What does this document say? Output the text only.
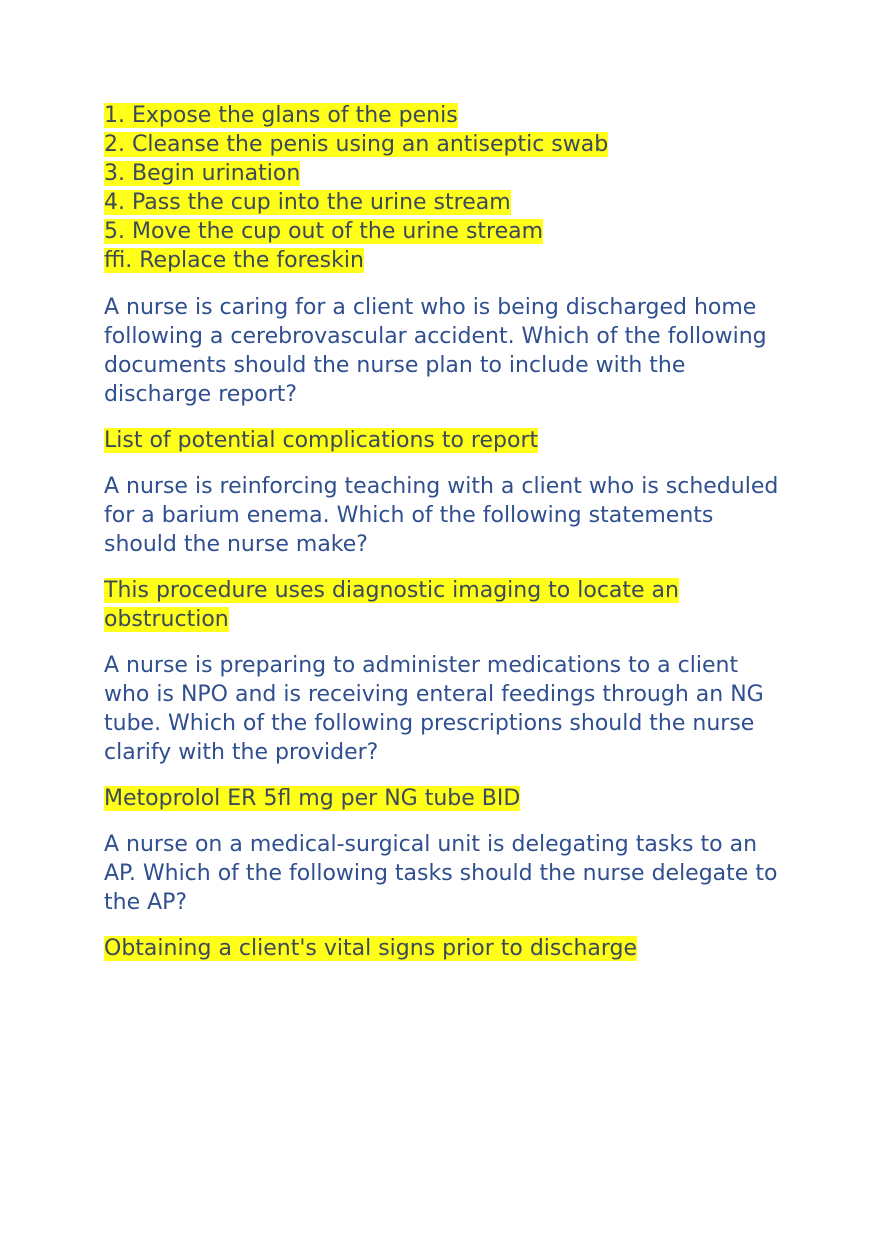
1. Expose the glans of the penis
2. Cleanse the penis using an antiseptic swab
3. Begin urination
4. Pass the cup into the urine stream
5. Move the cup out of the urine stream
ﬃ. Replace the foreskin
A nurse is caring for a client who is being discharged home following a cerebrovascular accident. Which of the following documents should the nurse plan to include with the discharge report?
List of potential complications to report
A nurse is reinforcing teaching with a client who is scheduled for a barium enema. Which of the following statements should the nurse make?
This procedure uses diagnostic imaging to locate an obstruction
A nurse is preparing to administer medications to a client who is NPO and is receiving enteral feedings through an NG tube. Which of the following prescriptions should the nurse clarify with the provider?
Metoprolol ER 5ﬂ mg per NG tube BID
A nurse on a medical-surgical unit is delegating tasks to an AP. Which of the following tasks should the nurse delegate to the AP?
Obtaining a client's vital signs prior to discharge
